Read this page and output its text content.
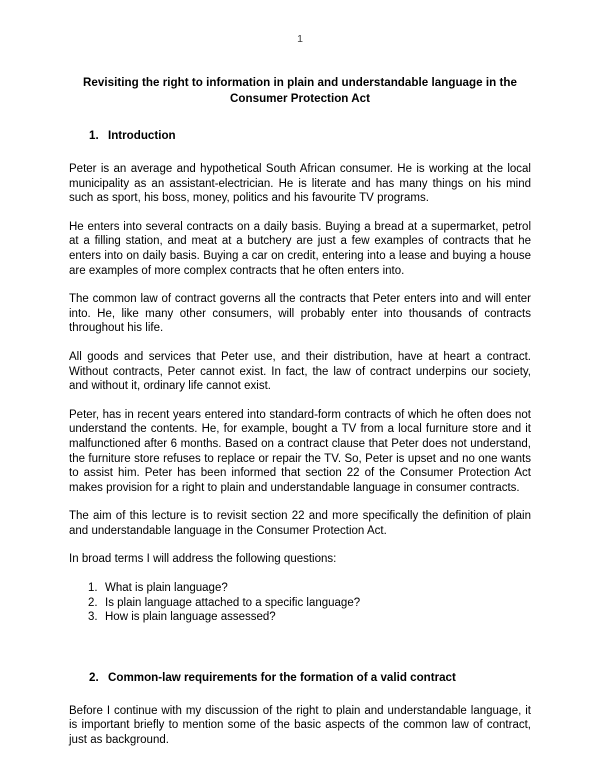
1
Revisiting the right to information in plain and understandable language in the Consumer Protection Act
1. Introduction

Peter is an average and hypothetical South African consumer. He is working at the local municipality as an assistant-electrician. He is literate and has many things on his mind such as sport, his boss, money, politics and his favourite TV programs.

He enters into several contracts on a daily basis. Buying a bread at a supermarket, petrol at a filling station, and meat at a butchery are just a few examples of contracts that he enters into on daily basis. Buying a car on credit, entering into a lease and buying a house are examples of more complex contracts that he often enters into.

The common law of contract governs all the contracts that Peter enters into and will enter into. He, like many other consumers, will probably enter into thousands of contracts throughout his life.

All goods and services that Peter use, and their distribution, have at heart a contract. Without contracts, Peter cannot exist. In fact, the law of contract underpins our society, and without it, ordinary life cannot exist.

Peter, has in recent years entered into standard-form contracts of which he often does not understand the contents. He, for example, bought a TV from a local furniture store and it malfunctioned after 6 months. Based on a contract clause that Peter does not understand, the furniture store refuses to replace or repair the TV. So, Peter is upset and no one wants to assist him. Peter has been informed that section 22 of the Consumer Protection Act makes provision for a right to plain and understandable language in consumer contracts.

The aim of this lecture is to revisit section 22 and more specifically the definition of plain and understandable language in the Consumer Protection Act.

In broad terms I will address the following questions:

1. What is plain language?
2. Is plain language attached to a specific language?
3. How is plain language assessed?
2. Common-law requirements for the formation of a valid contract

Before I continue with my discussion of the right to plain and understandable language, it is important briefly to mention some of the basic aspects of the common law of contract, just as background.
